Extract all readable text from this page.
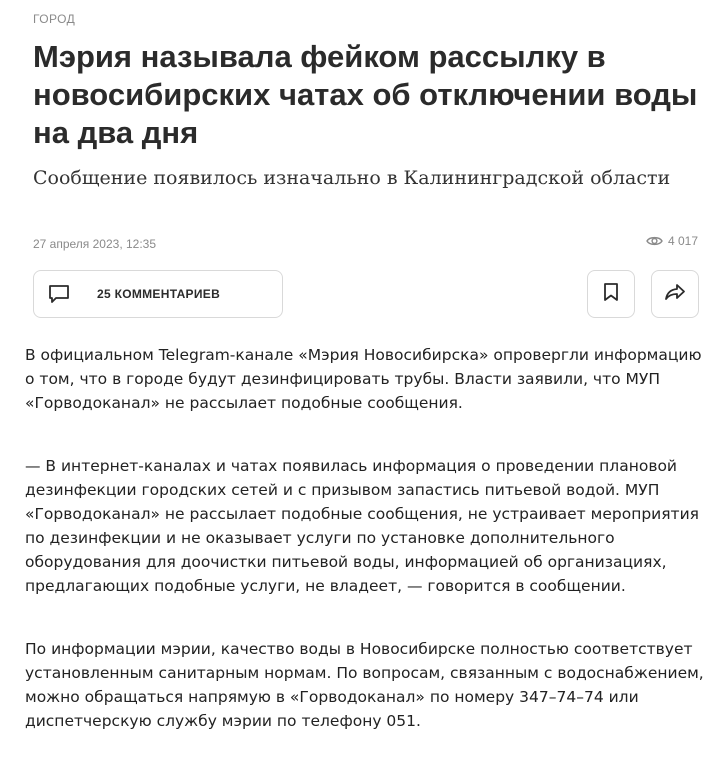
ГОРОД
Мэрия называла фейком рассылку в новосибирских чатах об отключении воды на два дня

Сообщение появилось изначально в Калининградской области

27 апреля 2023, 12:35	4 017
25 КОММЕНТАРИЕВ

В официальном Telegram-канале «Мэрия Новосибирска» опровергли информацию о том, что в городе будут дезинфицировать трубы. Власти заявили, что МУП «Горводоканал» не рассылает подобные сообщения.

— В интернет-каналах и чатах появилась информация о проведении плановой дезинфекции городских сетей и с призывом запастись питьевой водой. МУП «Горводоканал» не рассылает подобные сообщения, не устраивает мероприятия по дезинфекции и не оказывает услуги по установке дополнительного оборудования для доочистки питьевой воды, информацией об организациях, предлагающих подобные услуги, не владеет, — говорится в сообщении.

По информации мэрии, качество воды в Новосибирске полностью соответствует установленным санитарным нормам. По вопросам, связанным с водоснабжением, можно обращаться напрямую в «Горводоканал» по номеру 347–74–74 или диспетчерскую службу мэрии по телефону 051.
